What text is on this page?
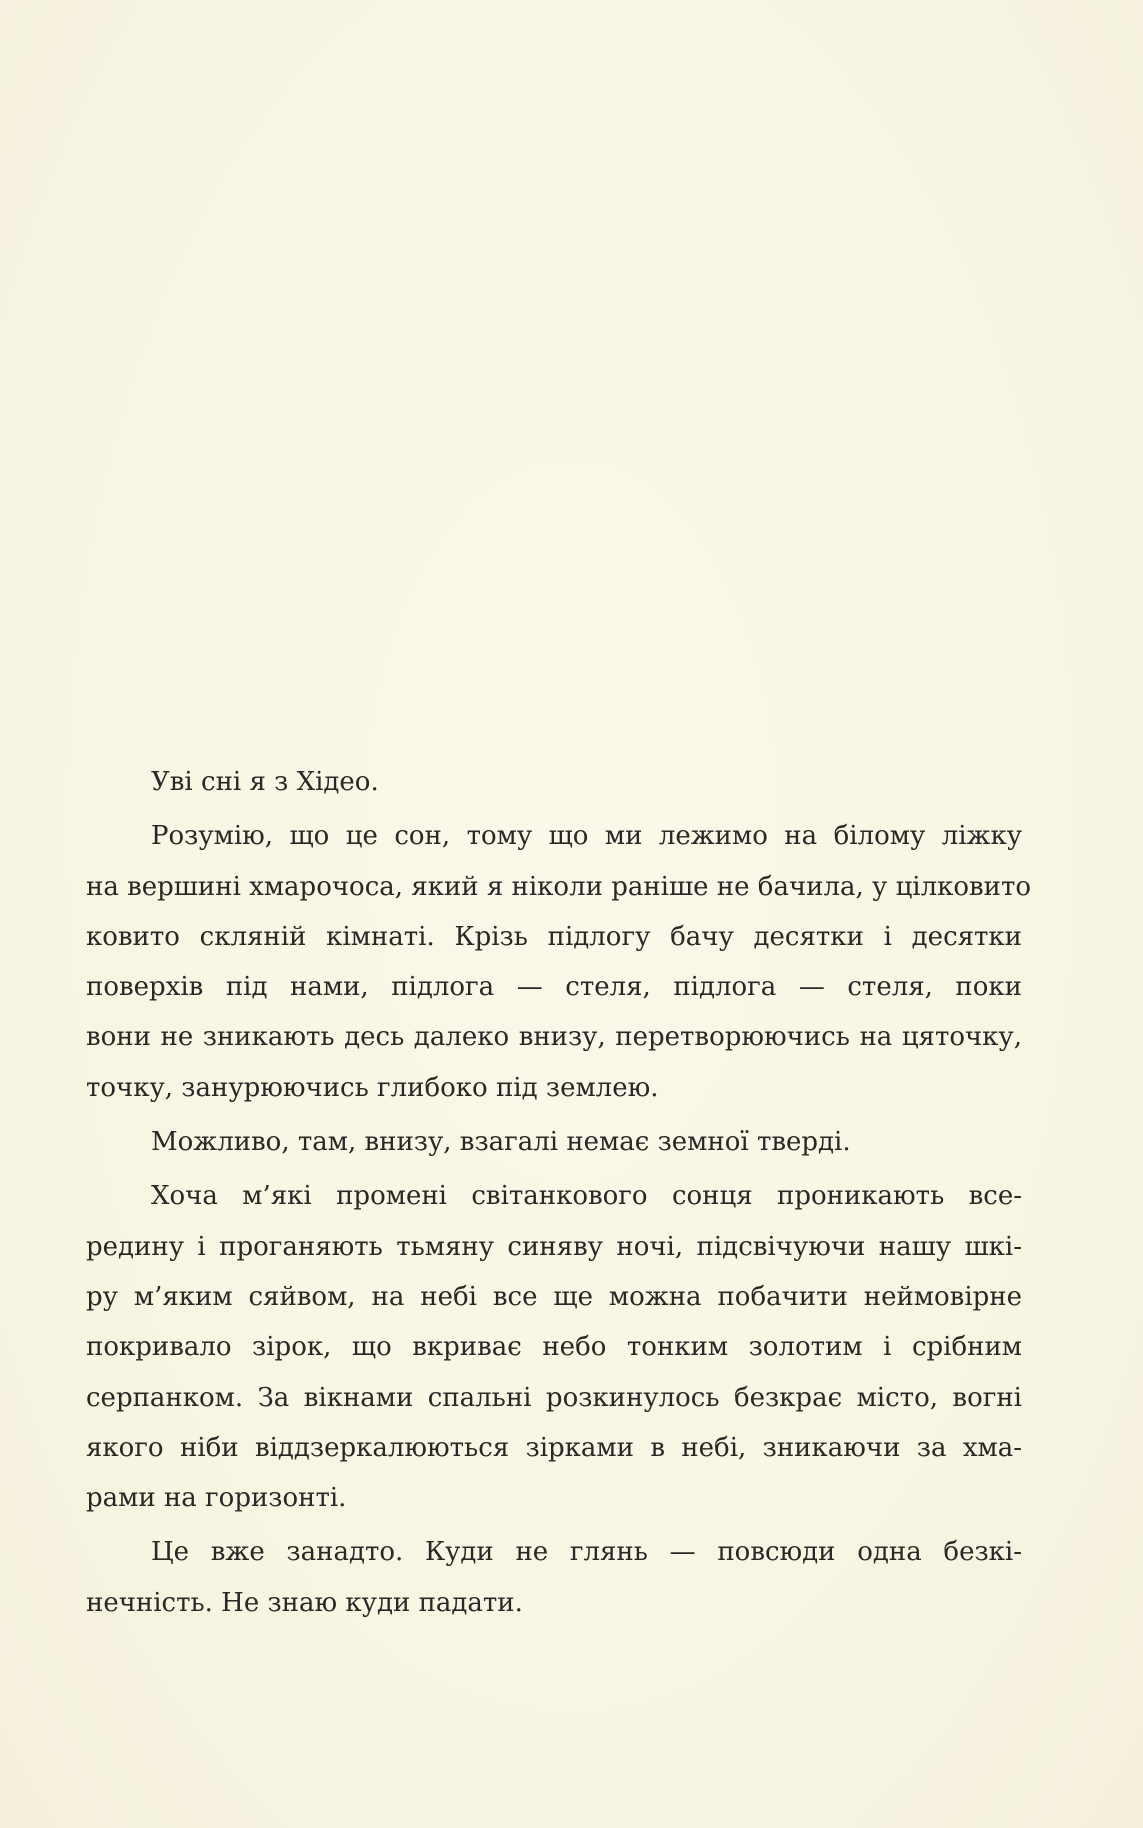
Уві сні я з Хідео.
Розумію, що це сон, тому що ми лежимо на білому ліжку
на вершині хмарочоса, який я ніколи раніше не бачила, у цілковито
ковито скляній кімнаті. Крізь підлогу бачу десятки і десятки
поверхів під нами, підлога — стеля, підлога — стеля, поки
вони не зникають десь далеко внизу, перетворюючись на цяточку,
точку, занурюючись глибоко під землею.
Можливо, там, внизу, взагалі немає земної тверді.
Хоча м’які промені світанкового сонця проникають все-
редину і проганяють тьмяну синяву ночі, підсвічуючи нашу шкі-
ру м’яким сяйвом, на небі все ще можна побачити неймовірне
покривало зірок, що вкриває небо тонким золотим і срібним
серпанком. За вікнами спальні розкинулось безкрає місто, вогні
якого ніби віддзеркалюються зірками в небі, зникаючи за хма-
рами на горизонті.
Це вже занадто. Куди не глянь — повсюди одна безкі-
нечність. Не знаю куди падати.
